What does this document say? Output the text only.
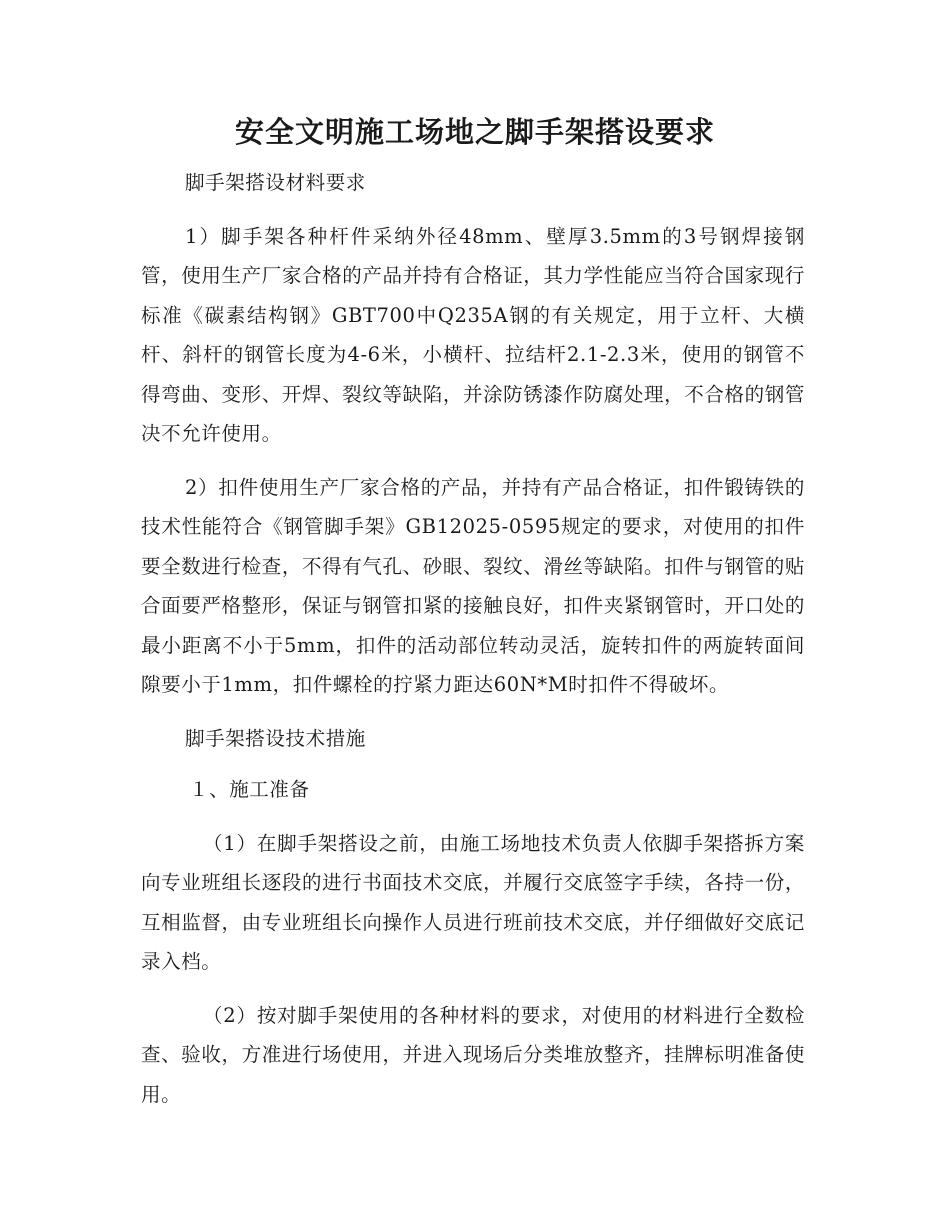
安全文明施工场地之脚手架搭设要求

脚手架搭设材料要求

1）脚手架各种杆件采纳外径48mm、壁厚3.5mm的3号钢焊接钢管，使用生产厂家合格的产品并持有合格证，其力学性能应当符合国家现行标准《碳素结构钢》GBT700中Q235A钢的有关规定，用于立杆、大横杆、斜杆的钢管长度为4-6米，小横杆、拉结杆2.1-2.3米，使用的钢管不得弯曲、变形、开焊、裂纹等缺陷，并涂防锈漆作防腐处理，不合格的钢管决不允许使用。

2）扣件使用生产厂家合格的产品，并持有产品合格证，扣件锻铸铁的技术性能符合《钢管脚手架》GB12025-0595规定的要求，对使用的扣件要全数进行检查，不得有气孔、砂眼、裂纹、滑丝等缺陷。扣件与钢管的贴合面要严格整形，保证与钢管扣紧的接触良好，扣件夹紧钢管时，开口处的最小距离不小于5mm，扣件的活动部位转动灵活，旋转扣件的两旋转面间隙要小于1mm，扣件螺栓的拧紧力距达60N*M时扣件不得破坏。

脚手架搭设技术措施

１、施工准备

（1）在脚手架搭设之前，由施工场地技术负责人依脚手架搭拆方案向专业班组长逐段的进行书面技术交底，并履行交底签字手续，各持一份，互相监督，由专业班组长向操作人员进行班前技术交底，并仔细做好交底记录入档。

（2）按对脚手架使用的各种材料的要求，对使用的材料进行全数检查、验收，方准进行场使用，并进入现场后分类堆放整齐，挂牌标明准备使用。
